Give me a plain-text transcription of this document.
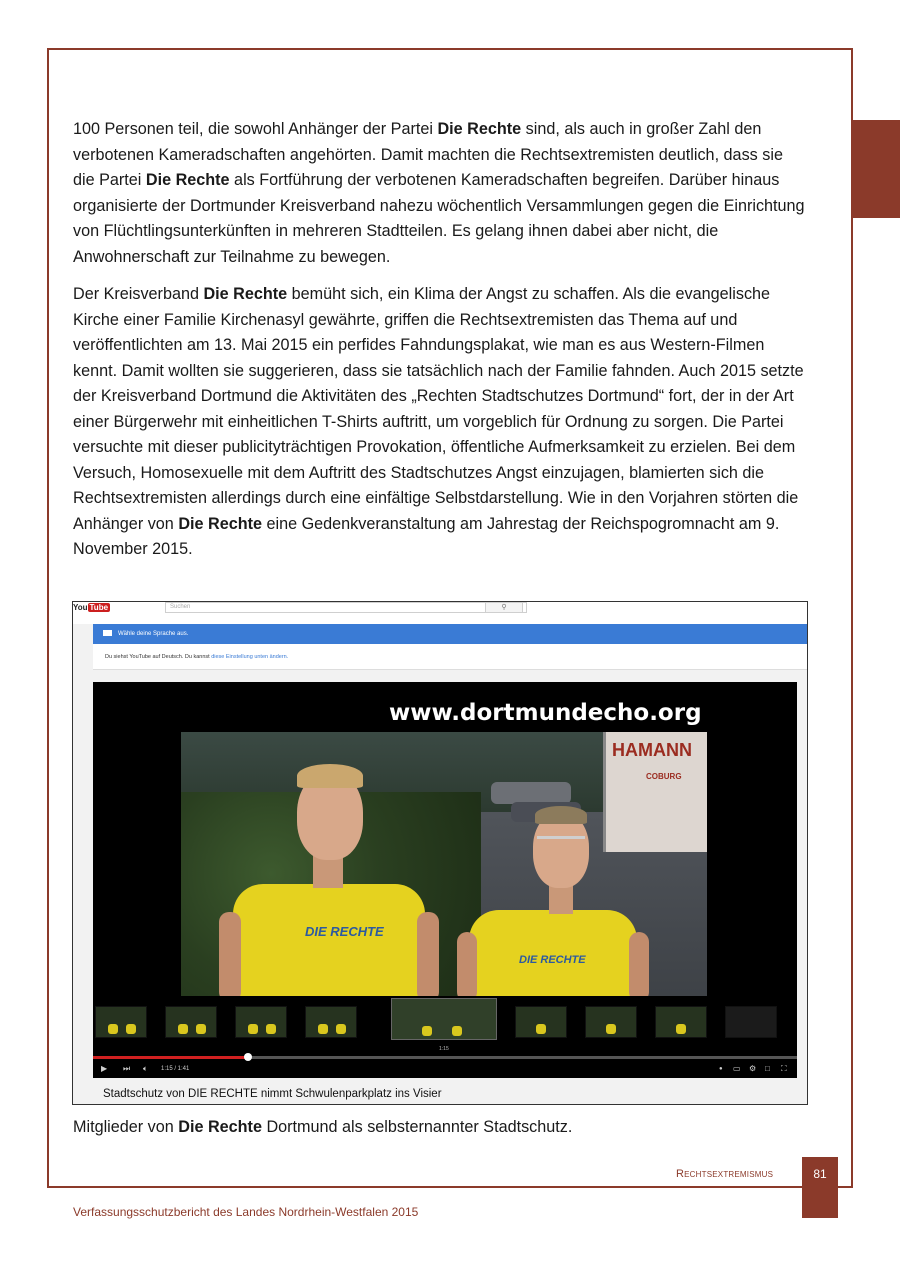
100 Personen teil, die sowohl Anhänger der Partei Die Rechte sind, als auch in großer Zahl den verbotenen Kameradschaften angehörten. Damit machten die Rechtsextremisten deutlich, dass sie die Partei Die Rechte als Fortführung der verbotenen Kameradschaften begreifen. Darüber hinaus organisierte der Dortmunder Kreisverband nahezu wöchentlich Versammlungen gegen die Einrichtung von Flüchtlingsunterkünften in mehreren Stadtteilen. Es gelang ihnen dabei aber nicht, die Anwohnerschaft zur Teilnahme zu bewegen.

Der Kreisverband Die Rechte bemüht sich, ein Klima der Angst zu schaffen. Als die evangelische Kirche einer Familie Kirchenasyl gewährte, griffen die Rechtsextremisten das Thema auf und veröffentlichten am 13. Mai 2015 ein perfides Fahndungsplakat, wie man es aus Western-Filmen kennt. Damit wollten sie suggerieren, dass sie tatsächlich nach der Familie fahnden. Auch 2015 setzte der Kreisverband Dortmund die Aktivitäten des „Rechten Stadtschutzes Dortmund“ fort, der in der Art einer Bürgerwehr mit einheitlichen T-Shirts auftritt, um vorgeblich für Ordnung zu sorgen. Die Partei versuchte mit dieser publicityträchtigen Provokation, öffentliche Aufmerksamkeit zu erzielen. Bei dem Versuch, Homosexuelle mit dem Auftritt des Stadtschutzes Angst einzujagen, blamierten sich die Rechtsextremisten allerdings durch eine einfältige Selbstdarstellung. Wie in den Vorjahren störten die Anhänger von Die Rechte eine Gedenkveranstaltung am Jahrestag der Reichspogromnacht am 9. November 2015.

You Tube	Suchen	⚲
Wähle deine Sprache aus.
Du siehst YouTube auf Deutsch. Du kannst diese Einstellung unten ändern.
www.dortmundecho.org
HAMANN
COBURG
DIE RECHTE
DIE RECHTE
1:15
▶ ⏭ 🔈︎ 1:15 / 1:41	● ▭ ⚙ □ ⛶
Stadtschutz von DIE RECHTE nimmt Schwulenparkplatz ins Visier
Mitglieder von Die Rechte Dortmund als selbsternannter Stadtschutz.
Rechtsextremismus	81
Verfassungsschutzbericht des Landes Nordrhein-Westfalen 2015
